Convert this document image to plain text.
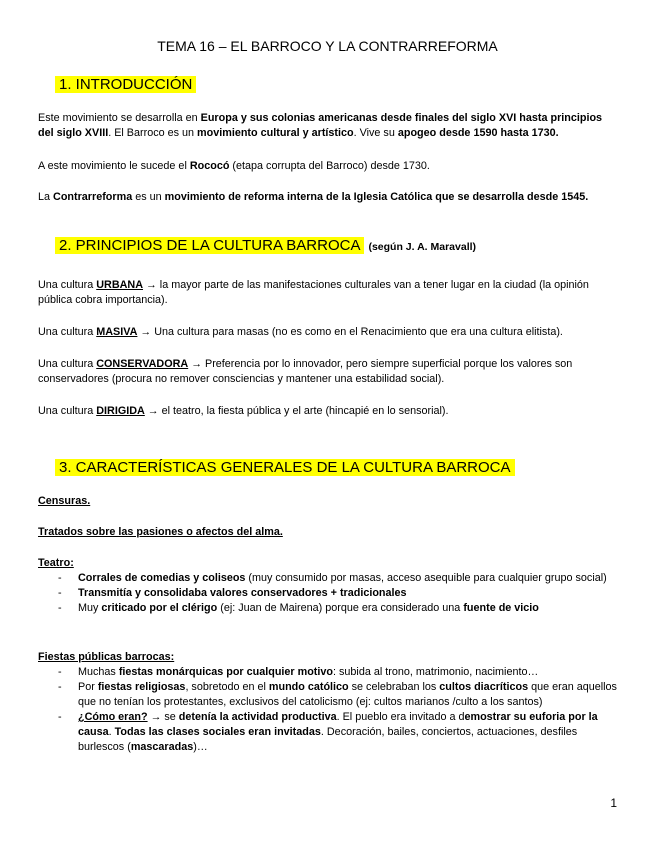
TEMA 16 – EL BARROCO Y LA CONTRARREFORMA
1. INTRODUCCIÓN

Este movimiento se desarrolla en Europa y sus colonias americanas desde finales del siglo XVI hasta principios del siglo XVIII. El Barroco es un movimiento cultural y artístico. Vive su apogeo desde 1590 hasta 1730.

A este movimiento le sucede el Rococó (etapa corrupta del Barroco) desde 1730.

La Contrarreforma es un movimiento de reforma interna de la Iglesia Católica que se desarrolla desde 1545.

2. PRINCIPIOS DE LA CULTURA BARROCA (según J. A. Maravall)

Una cultura URBANA → la mayor parte de las manifestaciones culturales van a tener lugar en la ciudad (la opinión pública cobra importancia).

Una cultura MASIVA → Una cultura para masas (no es como en el Renacimiento que era una cultura elitista).

Una cultura CONSERVADORA → Preferencia por lo innovador, pero siempre superficial porque los valores son conservadores (procura no remover consciencias y mantener una estabilidad social).

Una cultura DIRIGIDA → el teatro, la fiesta pública y el arte (hincapié en lo sensorial).

3. CARACTERÍSTICAS GENERALES DE LA CULTURA BARROCA

Censuras.

Tratados sobre las pasiones o afectos del alma.

Teatro:

- Corrales de comedias y coliseos (muy consumido por masas, acceso asequible para cualquier grupo social)
- Transmitía y consolidaba valores conservadores + tradicionales
- Muy criticado por el clérigo (ej: Juan de Mairena) porque era considerado una fuente de vicio

Fiestas públicas barrocas:

- Muchas fiestas monárquicas por cualquier motivo: subida al trono, matrimonio, nacimiento…
- Por fiestas religiosas, sobretodo en el mundo católico se celebraban los cultos diacríticos que eran aquellos que no tenían los protestantes, exclusivos del catolicismo (ej: cultos marianos /culto a los santos)
- ¿Cómo eran? → se detenía la actividad productiva. El pueblo era invitado a demostrar su euforia por la causa. Todas las clases sociales eran invitadas. Decoración, bailes, conciertos, actuaciones, desfiles burlescos (mascaradas)…
1
